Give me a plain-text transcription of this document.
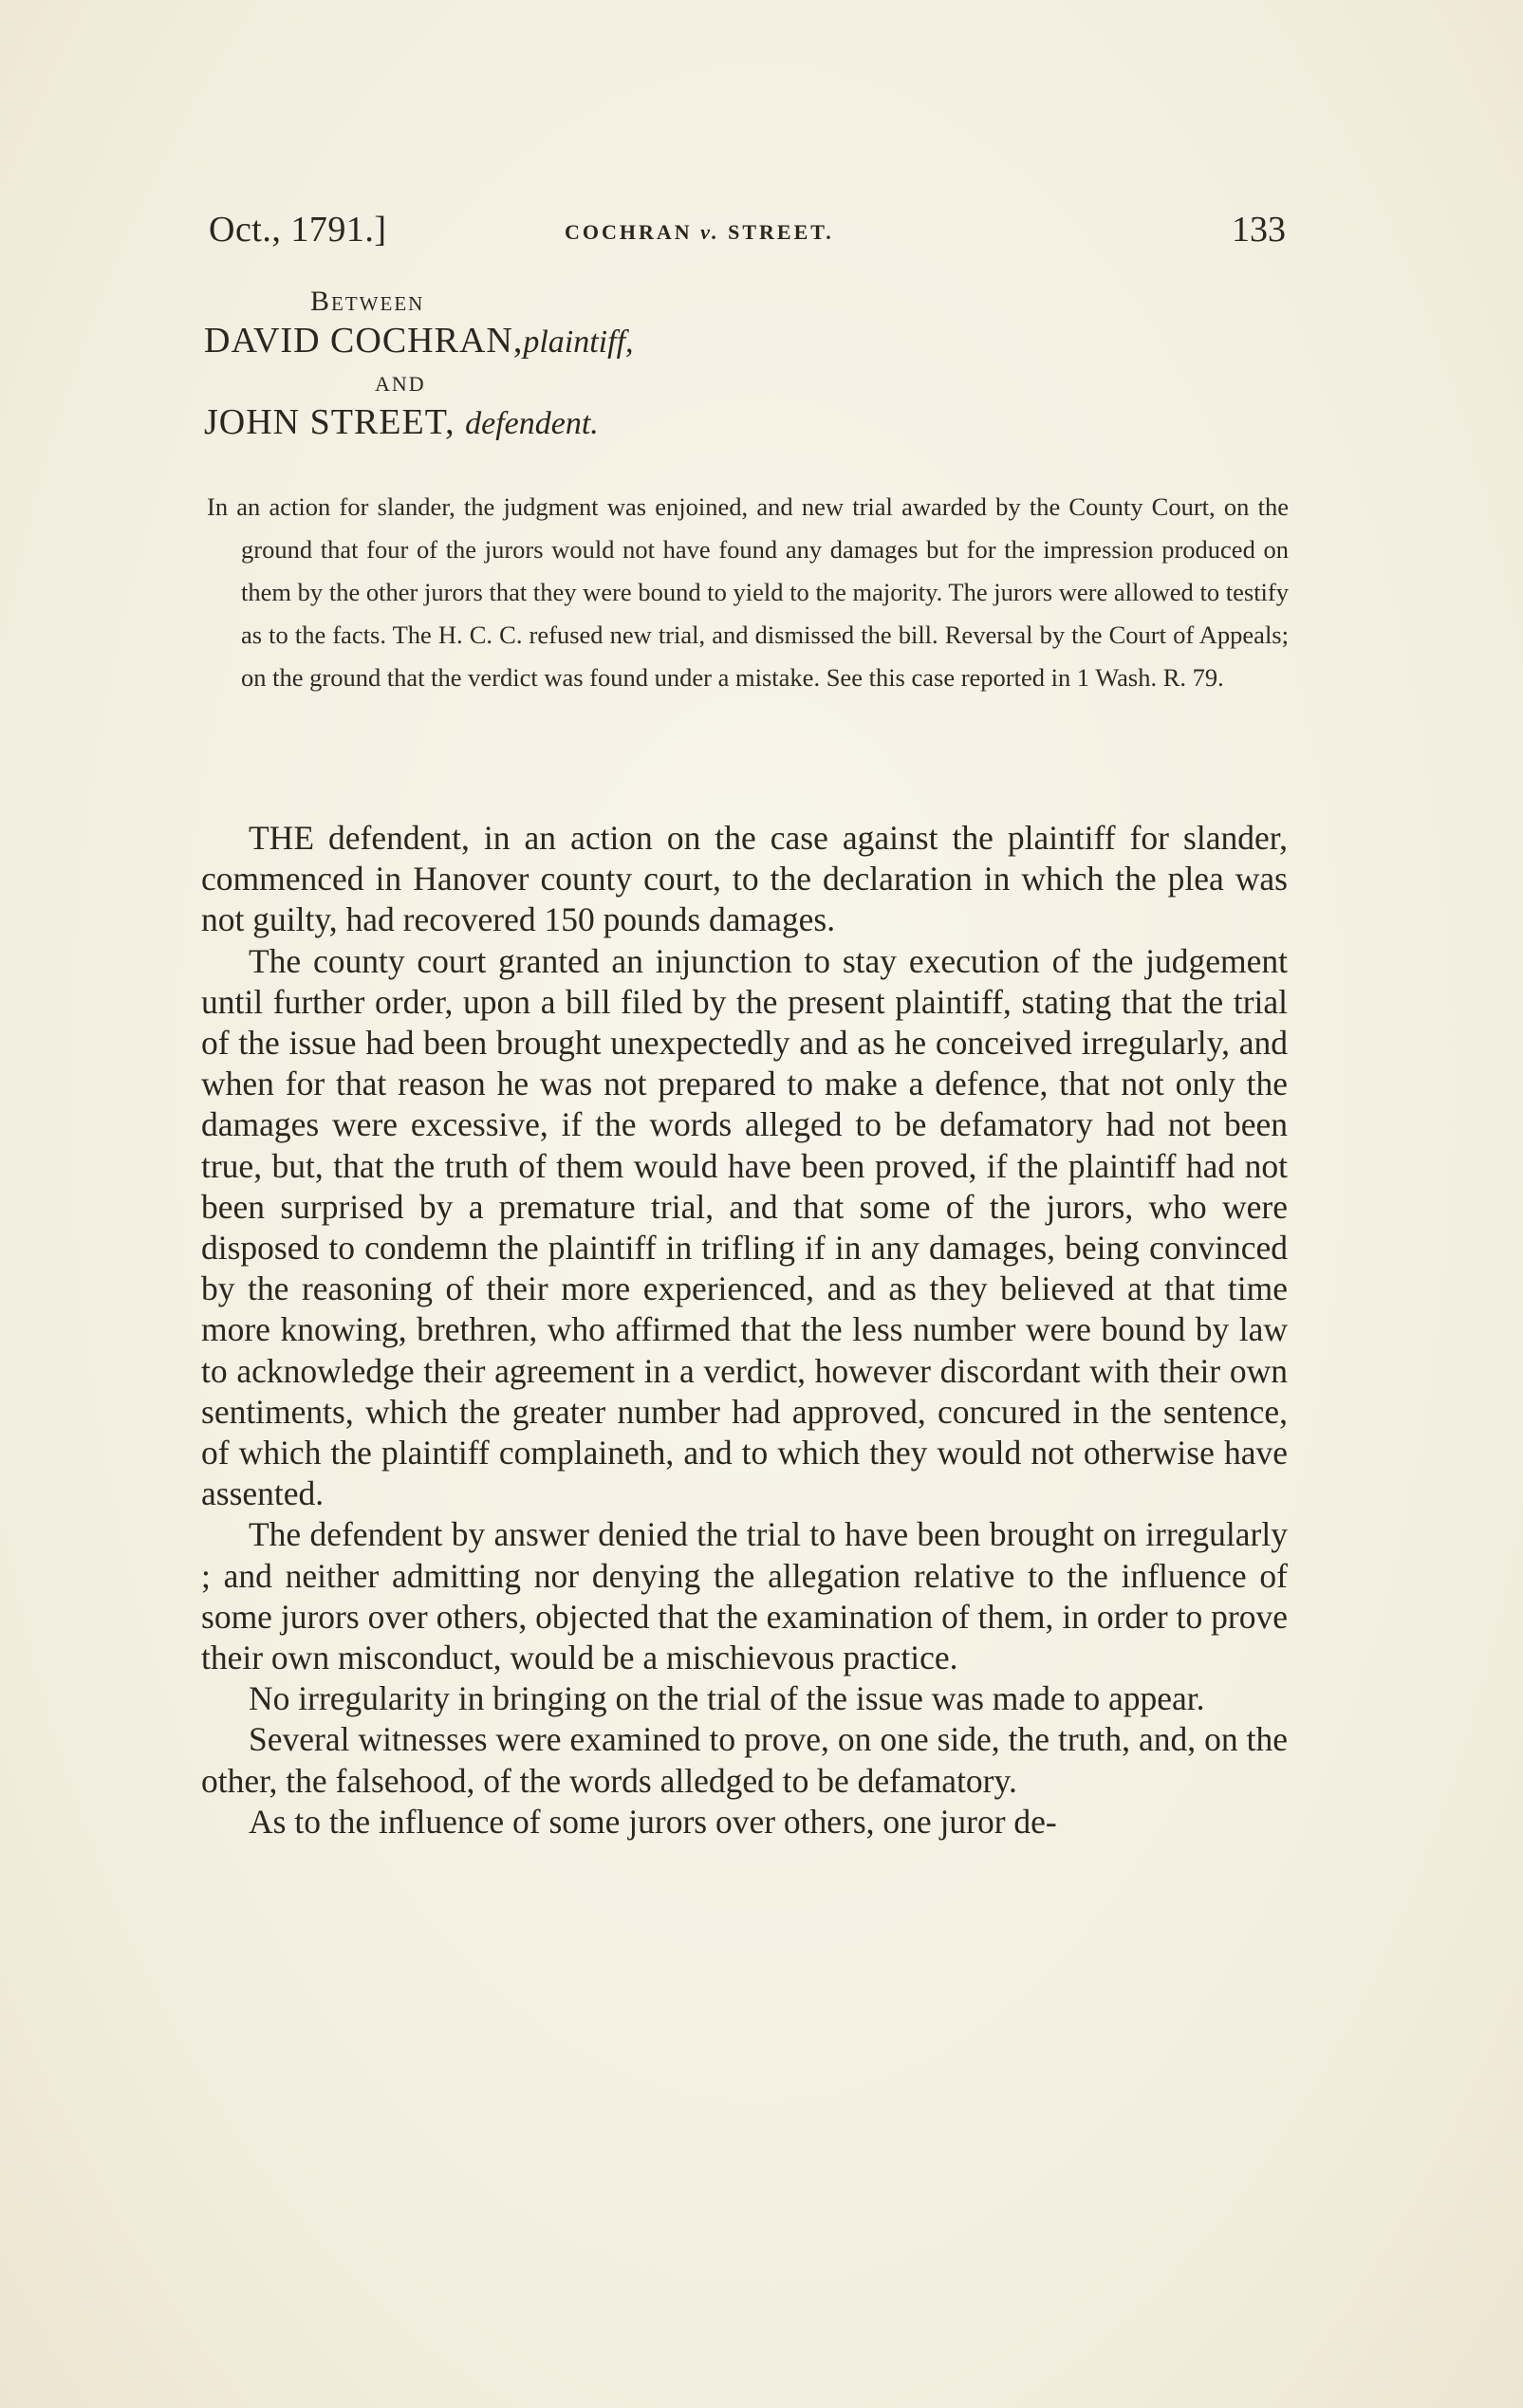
Oct., 1791.]	COCHRAN v. STREET.	133
Between
DAVID COCHRAN,plaintiff,
AND
JOHN STREET, defendent.

In an action for slander, the judgment was enjoined, and new trial awarded by the County Court, on the ground that four of the jurors would not have found any damages but for the impression produced on them by the other jurors that they were bound to yield to the majority. The jurors were allowed to testify as to the facts. The H. C. C. refused new trial, and dismissed the bill. Reversal by the Court of Appeals; on the ground that the verdict was found under a mistake. See this case reported in 1 Wash. R. 79.

THE defendent, in an action on the case against the plaintiff for slander, commenced in Hanover county court, to the declaration in which the plea was not guilty, had recovered 150 pounds damages.

The county court granted an injunction to stay execution of the judgement until further order, upon a bill filed by the present plaintiff, stating that the trial of the issue had been brought unexpectedly and as he conceived irregularly, and when for that reason he was not prepared to make a defence, that not only the damages were excessive, if the words alleged to be defamatory had not been true, but, that the truth of them would have been proved, if the plaintiff had not been surprised by a premature trial, and that some of the jurors, who were disposed to condemn the plaintiff in trifling if in any damages, being convinced by the reasoning of their more experienced, and as they believed at that time more knowing, brethren, who affirmed that the less number were bound by law to acknowledge their agreement in a verdict, however discordant with their own sentiments, which the greater number had approved, concured in the sentence, of which the plaintiff complaineth, and to which they would not otherwise have assented.

The defendent by answer denied the trial to have been brought on irregularly ; and neither admitting nor denying the allegation relative to the influence of some jurors over others, objected that the examination of them, in order to prove their own misconduct, would be a mischievous practice.

No irregularity in bringing on the trial of the issue was made to appear.

Several witnesses were examined to prove, on one side, the truth, and, on the other, the falsehood, of the words alledged to be defamatory.

As to the influence of some jurors over others, one juror de-
